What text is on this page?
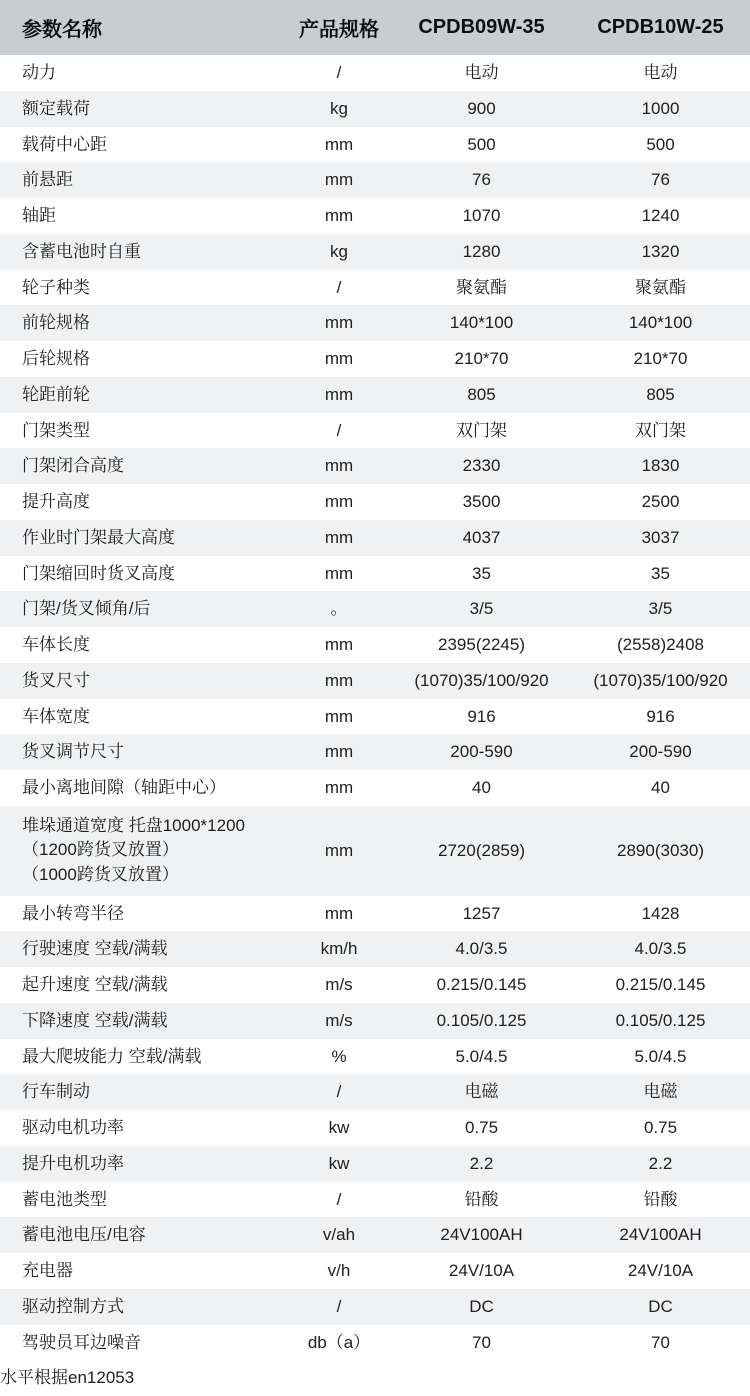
参数名称	产品规格	CPDB09W-35	CPDB10W-25
动力	/	电动	电动
额定载荷	kg	900	1000
载荷中心距	mm	500	500
前悬距	mm	76	76
轴距	mm	1070	1240
含蓄电池时自重	kg	1280	1320
轮子种类	/	聚氨酯	聚氨酯
前轮规格	mm	140*100	140*100
后轮规格	mm	210*70	210*70
轮距前轮	mm	805	805
门架类型	/	双门架	双门架
门架闭合高度	mm	2330	1830
提升高度	mm	3500	2500
作业时门架最大高度	mm	4037	3037
门架缩回时货叉高度	mm	35	35
门架/货叉倾角/后	。	3/5	3/5
车体长度	mm	2395(2245)	(2558)2408
货叉尺寸	mm	(1070)35/100/920	(1070)35/100/920
车体宽度	mm	916	916
货叉调节尺寸	mm	200-590	200-590
最小离地间隙（轴距中心）	mm	40	40
堆垛通道宽度 托盘1000*1200
（1200跨货叉放置）
（1000跨货叉放置）	mm	2720(2859)	2890(3030)
最小转弯半径	mm	1257	1428
行驶速度 空载/满载	km/h	4.0/3.5	4.0/3.5
起升速度 空载/满载	m/s	0.215/0.145	0.215/0.145
下降速度 空载/满载	m/s	0.105/0.125	0.105/0.125
最大爬坡能力 空载/满载	%	5.0/4.5	5.0/4.5
行车制动	/	电磁	电磁
驱动电机功率	kw	0.75	0.75
提升电机功率	kw	2.2	2.2
蓄电池类型	/	铅酸	铅酸
蓄电池电压/电容	v/ah	24V100AH	24V100AH
充电器	v/h	24V/10A	24V/10A
驱动控制方式	/	DC	DC
驾驶员耳边噪音	db（a）	70	70
水平根据en12053			
